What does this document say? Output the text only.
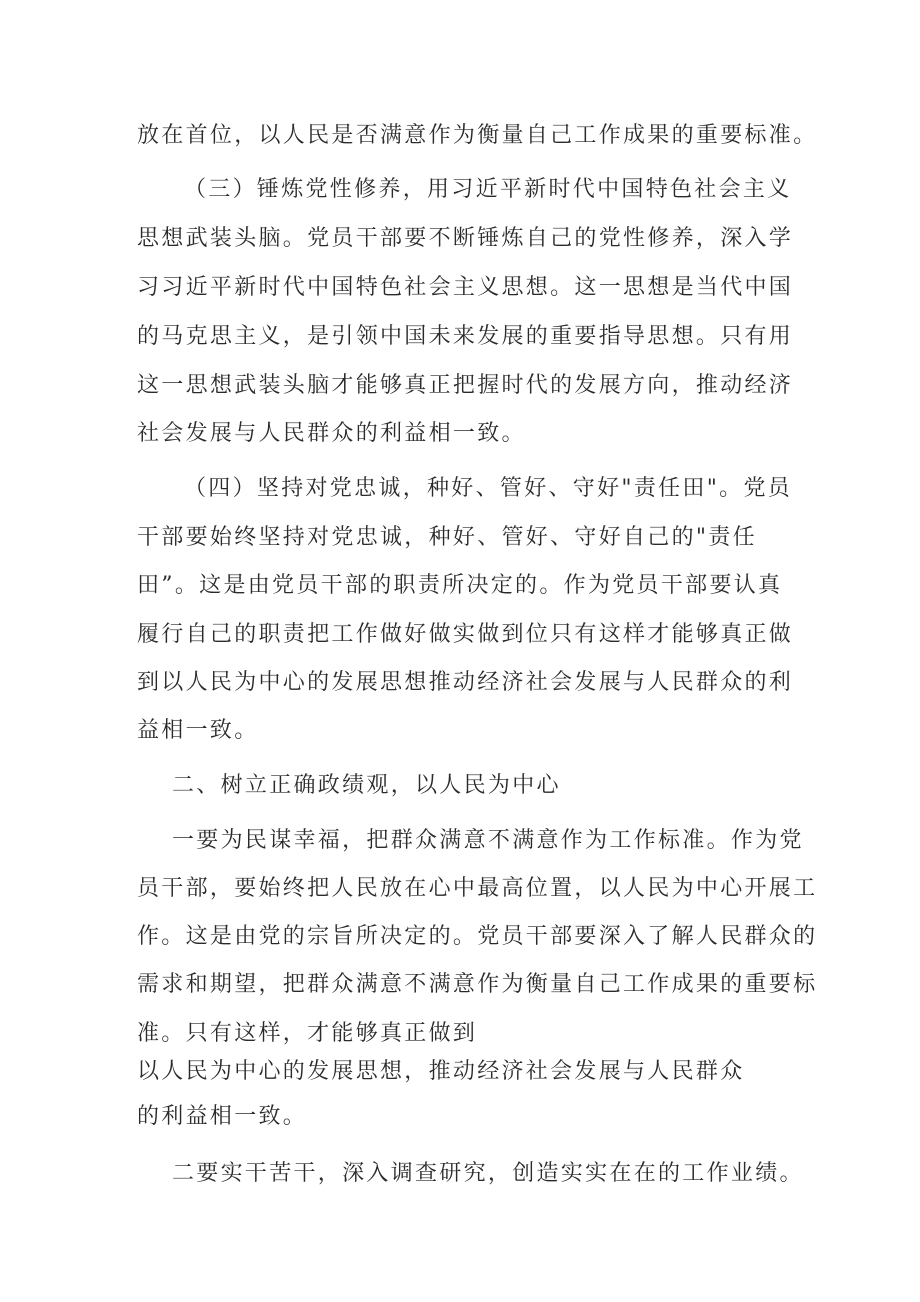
放在首位，以人民是否满意作为衡量自己工作成果的重要标准。
（三）锤炼党性修养，用习近平新时代中国特色社会主义
思想武装头脑。党员干部要不断锤炼自己的党性修养，深入学
习习近平新时代中国特色社会主义思想。这一思想是当代中国
的马克思主义，是引领中国未来发展的重要指导思想。只有用
这一思想武装头脑才能够真正把握时代的发展方向，推动经济
社会发展与人民群众的利益相一致。
（四）坚持对党忠诚，种好、管好、守好"责任田"。党员
干部要始终坚持对党忠诚，种好、管好、守好自己的"责任
田”。这是由党员干部的职责所决定的。作为党员干部要认真
履行自己的职责把工作做好做实做到位只有这样才能够真正做
到以人民为中心的发展思想推动经济社会发展与人民群众的利
益相一致。
二、树立正确政绩观，以人民为中心
一要为民谋幸福，把群众满意不满意作为工作标准。作为党
员干部，要始终把人民放在心中最高位置，以人民为中心开展工
作。这是由党的宗旨所决定的。党员干部要深入了解人民群众的
需求和期望，把群众满意不满意作为衡量自己工作成果的重要标
准。只有这样，才能够真正做到
以人民为中心的发展思想，推动经济社会发展与人民群众
的利益相一致。
二要实干苦干，深入调查研究，创造实实在在的工作业绩。
